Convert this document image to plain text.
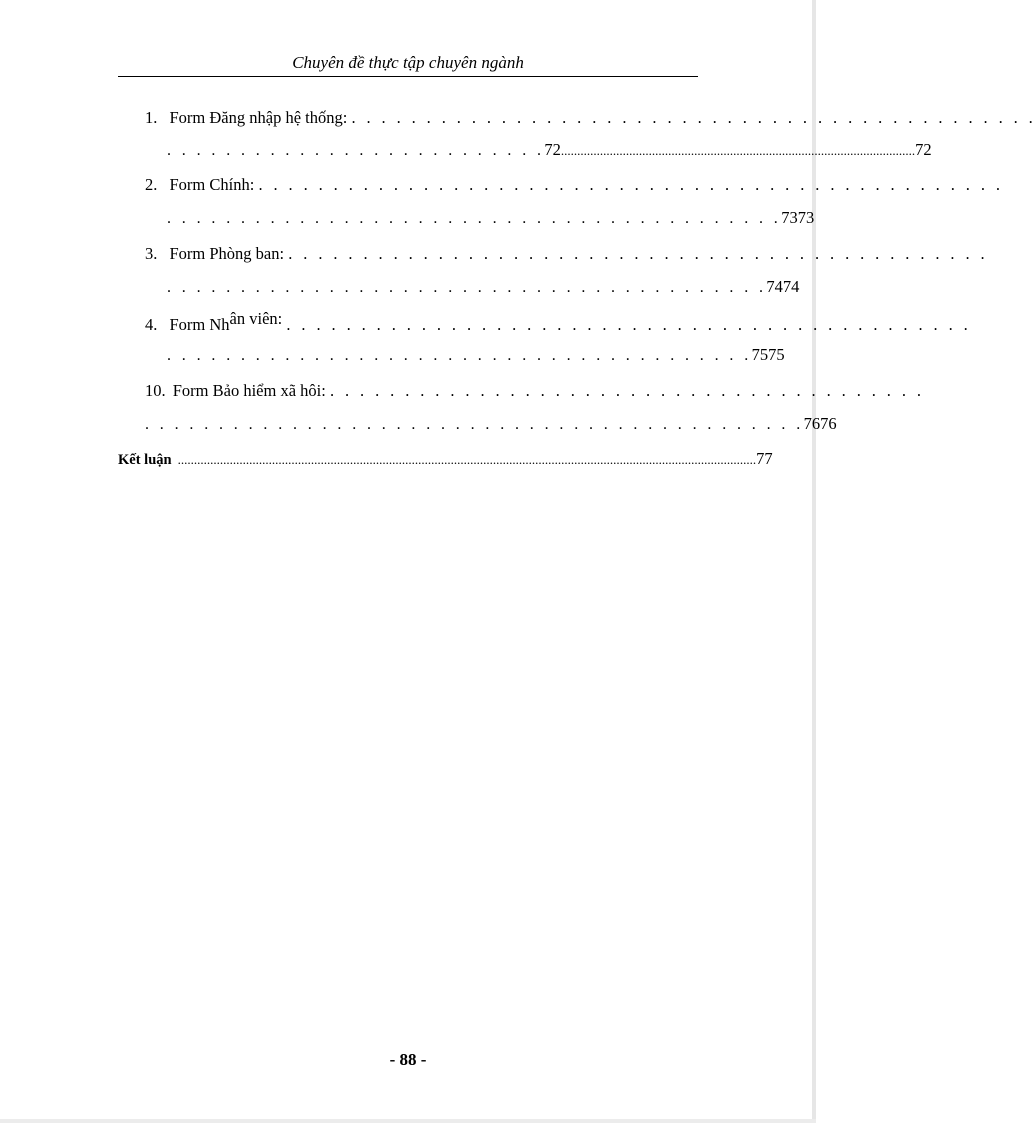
Chuyên đề thực tập chuyên ngành
1. Form Đăng nhập hệ thống: . . . . . . . . . . . . . . . . . . . . . . . . . . . . . . . . . . . . . . . . . . . . . .
. . . . . . . . . . . . . . . . . . . . . . . . . . 72 ............................................................................................................. 72
2. Form Chính: . . . . . . . . . . . . . . . . . . . . . . . . . . . . . . . . . . . . . . . . . . . . . . . . . .
. . . . . . . . . . . . . . . . . . . . . . . . . . . . . . . . . . . . . . . . . . 73 73
3. Form Phòng ban: . . . . . . . . . . . . . . . . . . . . . . . . . . . . . . . . . . . . . . . . . . . . . . .
. . . . . . . . . . . . . . . . . . . . . . . . . . . . . . . . . . . . . . . . . 74 74
4. Form Nhân viên: . . . . . . . . . . . . . . . . . . . . . . . . . . . . . . . . . . . . . . . . . . . . . .
. . . . . . . . . . . . . . . . . . . . . . . . . . . . . . . . . . . . . . . . 75 75
10. Form Bảo hiểm xã hôi: . . . . . . . . . . . . . . . . . . . . . . . . . . . . . . . . . . . . . . . .
. . . . . . . . . . . . . . . . . . . . . . . . . . . . . . . . . . . . . . . . . . . . . 76 76
Kết luận .................................................................................................................................................................................. 77
- 88 -
